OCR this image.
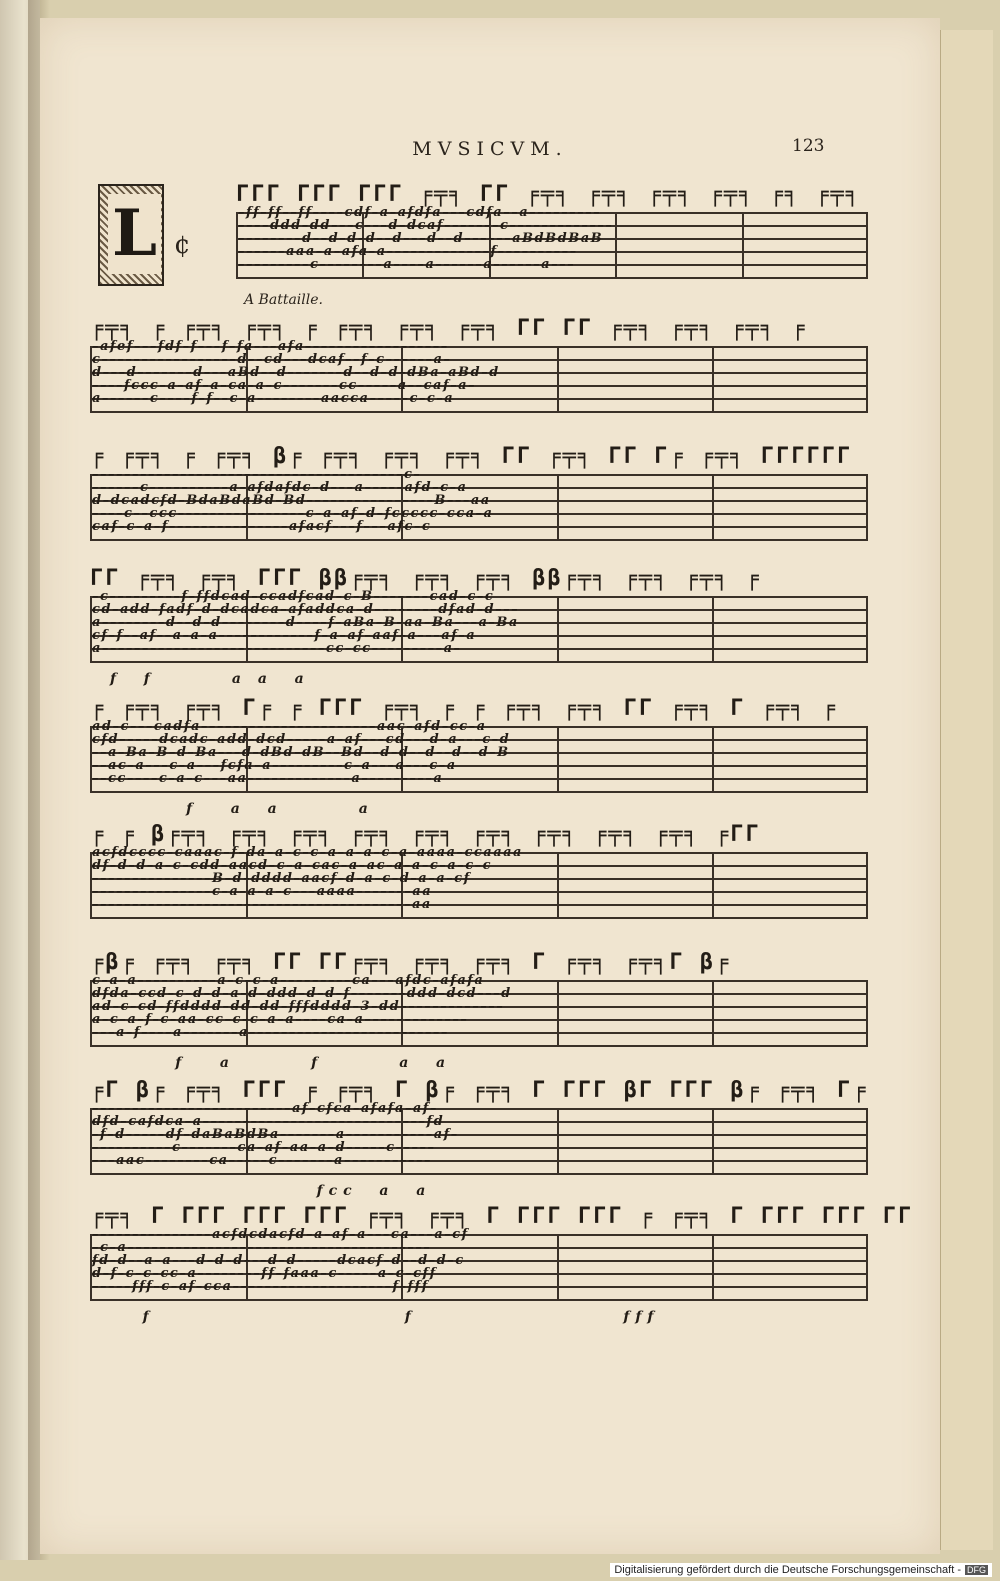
MVSICVM.	123
L ¢
A Battaille.
ΓΓΓ ΓΓΓ ΓΓΓ ╒╤╕ ΓΓ ╒╤╕ ╒╤╕ ╒╤╕ ╒╤╕ ╒╕ ╒╤╕
–ff–ff––ff––––cdf–a–afdfa–––cdfa––a–––––––––
––––ddd–dd–––c–––d–dcaf–––––––c–––––––––––––
––––––––d––d–d–d––d–––d––d––––––aBdBdBaB
––––––aaa–a–afa–a–––––––––––––f––––––––––
–––––––––c––––––––a––––a––––––a––––––a–––
╒╤╕ ╒ ╒╤╕ ╒╤╕ ╒ ╒╤╕ ╒╤╕ ╒╤╕ ΓΓ ΓΓ ╒╤╕ ╒╤╕ ╒╤╕ ╒
–afef–––fdf–f–––f–fa–––afa––––––––––––––––––
c–––––––––––––––––d––cd–––dcaf––f–c––––––a–
d–––d–––––––d–––aBd––d–––––––d––d–d–dBa–aBd–d
––––fccc–a–af–a–ca–a–c–––––––cc–––––a––caf–a–
a––––––c––––f–f––c–a––––––––aacca–––––c–c–a
╒ ╒╤╕ ╒ ╒╤╕ β╒ ╒╤╕ ╒╤╕ ╒╤╕ ΓΓ ╒╤╕ ΓΓ Γ╒ ╒╤╕ ΓΓΓΓΓΓ
–––––––––––––––––––––––––––––––––––––––c–
––––––c––––––––––a–afdafdc–d–––a–––––afd–c–a
d–dcadcfd–BdaBdaBd–Bd––––––––––––––––B–––aa
––––c––ccc––––––––––––––––c–a–af–d–fccccc–cca–a
caf–c–a–f–––––––––––––––afacf–––f–––afc–c
ΓΓ ╒╤╕ ╒╤╕ ΓΓΓ ββ╒╤╕ ╒╤╕ ╒╤╕ ββ╒╤╕ ╒╤╕ ╒╤╕ ╒
–c–––––––––f–ffdcad–ccadfcad–c–B–––––––cad–c–c
cd–add–fadf–d–dcadca–afaddca–d––––––––dfad–d–––
a––––––––d––d–d––––––––d––––f–aBa–B–aa–Ba–––a–Ba
cf–f––af––a–a–a––––––––––––f–a–af–aaf–a–––af–a
a––––––––––––––––––––––––––––cc–cc–––––––––a–
f  f       a a  a
╒ ╒╤╕ ╒╤╕ Γ╒ ╒ ΓΓΓ ╒╤╕ ╒ ╒ ╒╤╕ ╒╤╕ ΓΓ ╒╤╕ Γ ╒╤╕ ╒
ad–c–––cadfa––––––––––––––––––––––aac–afd–cc–a
cfd–––––dcadc–add–dcd–––––a–af–––cd–––d–a–––c–d
––a–Ba–B–d–Ba–––d–dBd–dB––Bd––d–d––d––d––d–B
––ac–a–––c–a–––fcfa–a–––––––––c–a–––a–––c–a
––cc––––c–a–c–––aa–––––––––––––a–––––––––a
f   a  a       a
╒ ╒ β╒╤╕ ╒╤╕ ╒╤╕ ╒╤╕ ╒╤╕ ╒╤╕ ╒╤╕ ╒╤╕ ╒╤╕ ╒ΓΓ
acfdcccc–caaac–f–da–a–c–c–a–a–a–c–a–aaaa–ccaaaa
df–d–d–a–c–cdd–aacd–c–a–cac–a–ac–a–a–c–a–c–c
–––––––––––––––B–d–dddd–aacf–d–a–c–d–a–a–cf
–––––––––––––––c–a–a–a–c–––aaaa–––––––aa
––––––––––––––––––––––––––––––––––––––––aa
╒β╒ ╒╤╕ ╒╤╕ ΓΓ ΓΓ╒╤╕ ╒╤╕ ╒╤╕ Γ ╒╤╕ ╒╤╕Γ β╒
c–a–a––––––––––a–c–c–a–––––––––ca–––afdc–afafa
dfda–ccd–c–d–d–a–d–ddd–d–d–f–––––––ddd–dcd–––d
ad–c–cd–ffdddd–dd–dd–fffdddd–3–dd–––––––––––––
a–c–a–f–c–aa–cc–c–c–a–a––––ca–a–––––––––––––
–––a–f––––a–––––––a–––––––––––––––––––––––––
f   a       f       a  a
╒Γ β╒ ╒╤╕ ΓΓΓ ╒ ╒╤╕ Γ β╒ ╒╤╕ Γ ΓΓΓ βΓ ΓΓΓ β╒ ╒╤╕ Γ╒
–––––––––––––––––––––––––af–cfca–afafa–af–
dfd–cafdca–a––––––––––––––––––––––––––––fd
–f–d–––––df–daBaBdBa–––––––a–––––––––––af–
––––––––––c–––––––ca–af–aa–a–d–––––c–––––
–––aac––––––––ca–––––c–––––––a–––––––––––
fcc  a  a
╒╤╕ Γ ΓΓΓ ΓΓΓ ΓΓΓ ╒╤╕ ╒╤╕ Γ ΓΓΓ ΓΓΓ ╒ ╒╤╕ Γ ΓΓΓ ΓΓΓ ΓΓ
–––––––––––––––acfdcdacfd–a–af–a–––ca–––a–cf
–c–a––––––––––––––––––––––––––––––––––––––
fd–d––a–a–––d–d–d–––d–d–––––dcacf–d––d–d–c
d–f–c–c–cc–a––––––––ff–faaa–c–––––a–c–cff
–––––fff–c–af–cca––––––––––––––––––––f–fff
f                       f                   fff
Digitalisierung gefördert durch die Deutsche Forschungsgemeinschaft - DFG
